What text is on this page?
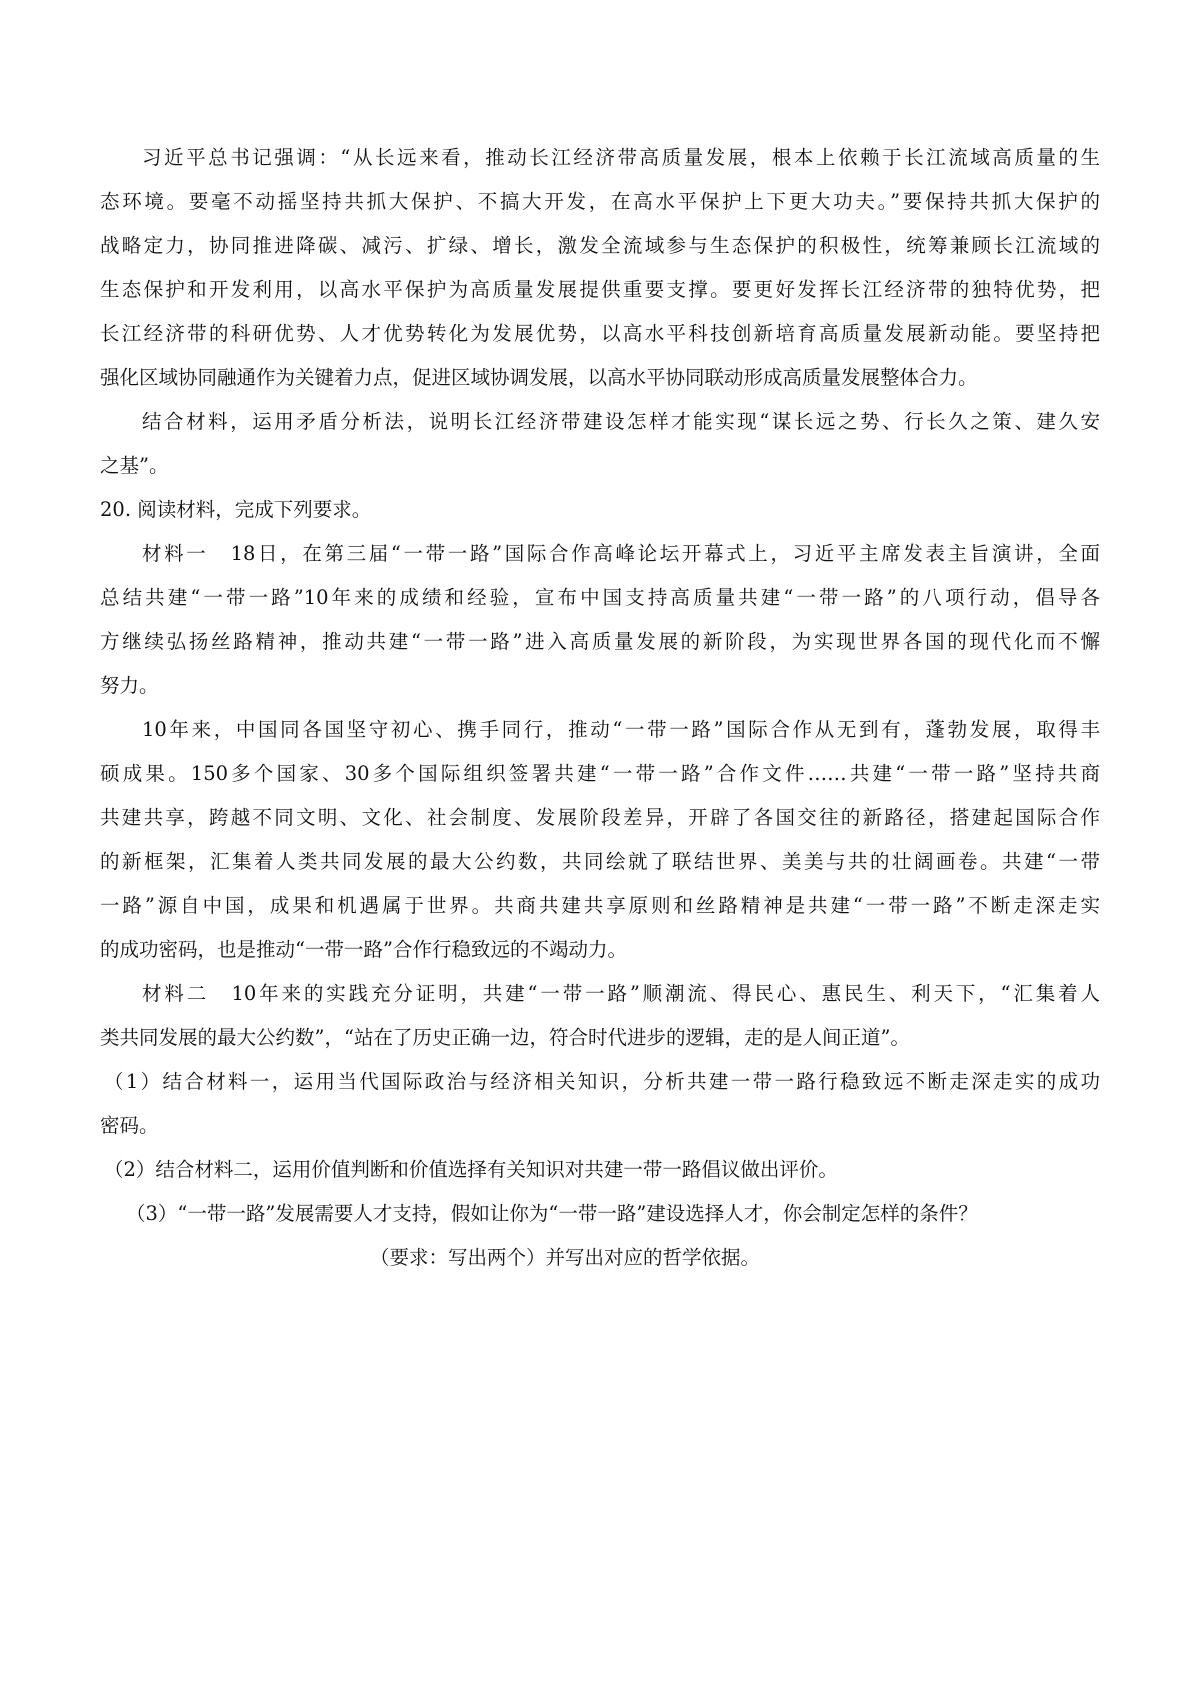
习近平总书记强调：“从长远来看，推动长江经济带高质量发展，根本上依赖于长江流域高质量的生
态环境。要毫不动摇坚持共抓大保护、不搞大开发，在高水平保护上下更大功夫。”要保持共抓大保护的
战略定力，协同推进降碳、减污、扩绿、增长，激发全流域参与生态保护的积极性，统筹兼顾长江流域的
生态保护和开发利用，以高水平保护为高质量发展提供重要支撑。要更好发挥长江经济带的独特优势，把
长江经济带的科研优势、人才优势转化为发展优势，以高水平科技创新培育高质量发展新动能。要坚持把
强化区域协同融通作为关键着力点，促进区域协调发展，以高水平协同联动形成高质量发展整体合力。
结合材料，运用矛盾分析法，说明长江经济带建设怎样才能实现“谋长远之势、行长久之策、建久安
之基”。
20. 阅读材料，完成下列要求。
材料一　18日，在第三届“一带一路”国际合作高峰论坛开幕式上，习近平主席发表主旨演讲，全面
总结共建“一带一路”10年来的成绩和经验，宣布中国支持高质量共建“一带一路”的八项行动，倡导各
方继续弘扬丝路精神，推动共建“一带一路”进入高质量发展的新阶段，为实现世界各国的现代化而不懈
努力。
10年来，中国同各国坚守初心、携手同行，推动“一带一路”国际合作从无到有，蓬勃发展，取得丰
硕成果。150多个国家、30多个国际组织签署共建“一带一路”合作文件……共建“一带一路”坚持共商
共建共享，跨越不同文明、文化、社会制度、发展阶段差异，开辟了各国交往的新路径，搭建起国际合作
的新框架，汇集着人类共同发展的最大公约数，共同绘就了联结世界、美美与共的壮阔画卷。共建“一带
一路”源自中国，成果和机遇属于世界。共商共建共享原则和丝路精神是共建“一带一路”不断走深走实
的成功密码，也是推动“一带一路”合作行稳致远的不竭动力。
材料二　10年来的实践充分证明，共建“一带一路”顺潮流、得民心、惠民生、利天下，“汇集着人
类共同发展的最大公约数”，“站在了历史正确一边，符合时代进步的逻辑，走的是人间正道”。
（1）结合材料一，运用当代国际政治与经济相关知识，分析共建一带一路行稳致远不断走深走实的成功
密码。
（2）结合材料二，运用价值判断和价值选择有关知识对共建一带一路倡议做出评价。
（3）“一带一路”发展需要人才支持，假如让你为“一带一路”建设选择人才，你会制定怎样的条件？
（要求：写出两个）并写出对应的哲学依据。
